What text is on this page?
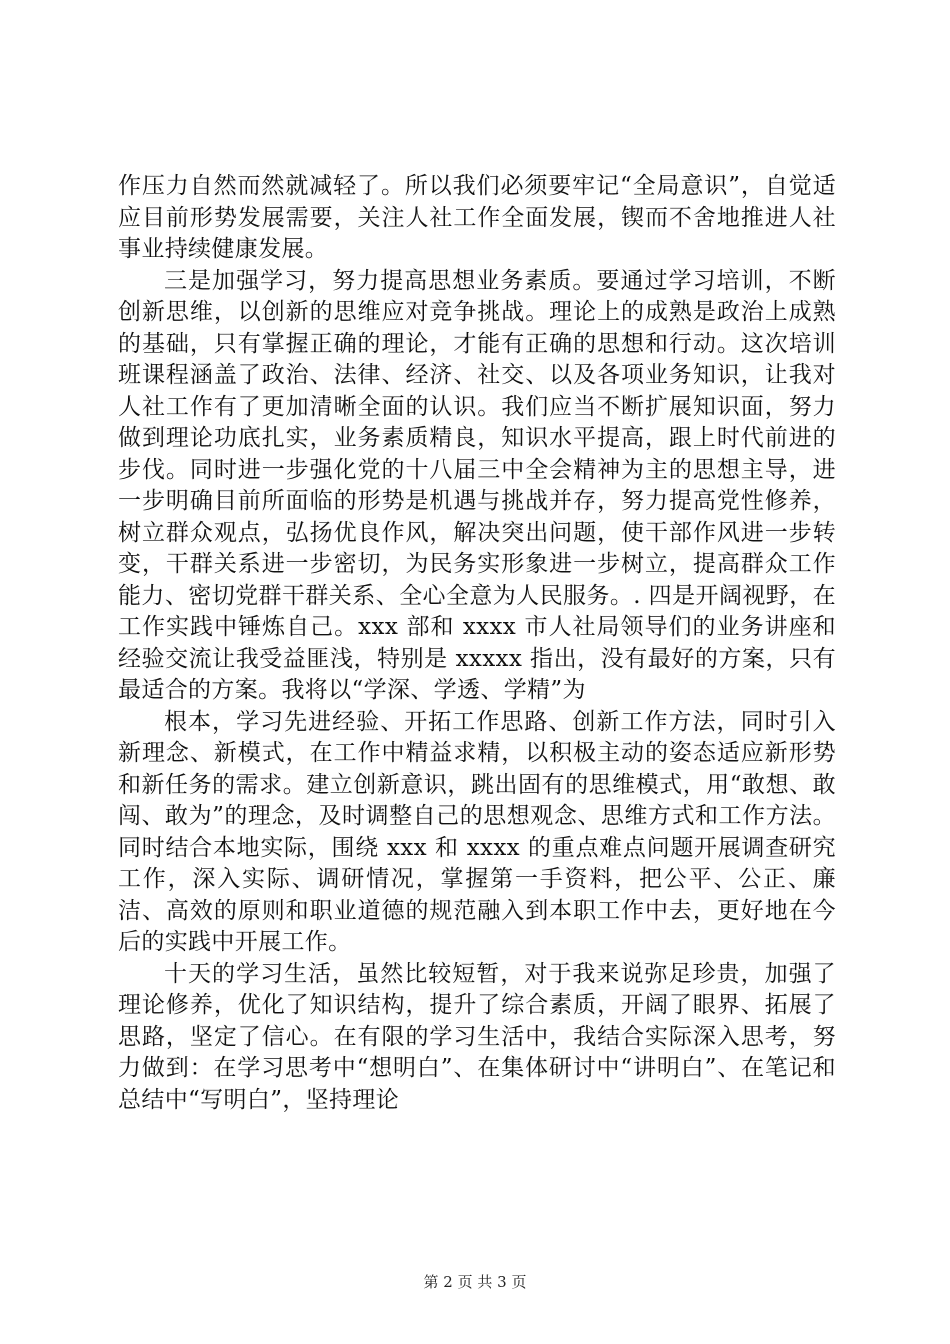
作压力自然而然就减轻了。所以我们必须要牢记“全局意识”，自觉适应目前形势发展需要，关注人社工作全面发展，锲而不舍地推进人社事业持续健康发展。

三是加强学习，努力提高思想业务素质。要通过学习培训，不断创新思维，以创新的思维应对竞争挑战。理论上的成熟是政治上成熟的基础，只有掌握正确的理论，才能有正确的思想和行动。这次培训班课程涵盖了政治、法律、经济、社交、以及各项业务知识，让我对人社工作有了更加清晰全面的认识。我们应当不断扩展知识面，努力做到理论功底扎实，业务素质精良，知识水平提高，跟上时代前进的步伐。同时进一步强化党的十八届三中全会精神为主的思想主导，进一步明确目前所面临的形势是机遇与挑战并存，努力提高党性修养，树立群众观点，弘扬优良作风，解决突出问题，使干部作风进一步转变，干群关系进一步密切，为民务实形象进一步树立，提高群众工作能力、密切党群干群关系、全心全意为人民服务。. 四是开阔视野，在工作实践中锤炼自己。xxx 部和 xxxx 市人社局领导们的业务讲座和经验交流让我受益匪浅，特别是 xxxxx 指出，没有最好的方案，只有最适合的方案。我将以“学深、学透、学精”为

根本，学习先进经验、开拓工作思路、创新工作方法，同时引入新理念、新模式，在工作中精益求精，以积极主动的姿态适应新形势和新任务的需求。建立创新意识，跳出固有的思维模式，用“敢想、敢闯、敢为”的理念，及时调整自己的思想观念、思维方式和工作方法。同时结合本地实际，围绕 xxx 和 xxxx 的重点难点问题开展调查研究工作，深入实际、调研情况，掌握第一手资料，把公平、公正、廉洁、高效的原则和职业道德的规范融入到本职工作中去，更好地在今后的实践中开展工作。

十天的学习生活，虽然比较短暂，对于我来说弥足珍贵，加强了理论修养，优化了知识结构，提升了综合素质，开阔了眼界、拓展了思路，坚定了信心。在有限的学习生活中，我结合实际深入思考，努力做到：在学习思考中“想明白”、在集体研讨中“讲明白”、在笔记和总结中“写明白”，坚持理论

第 2 页 共 3 页
